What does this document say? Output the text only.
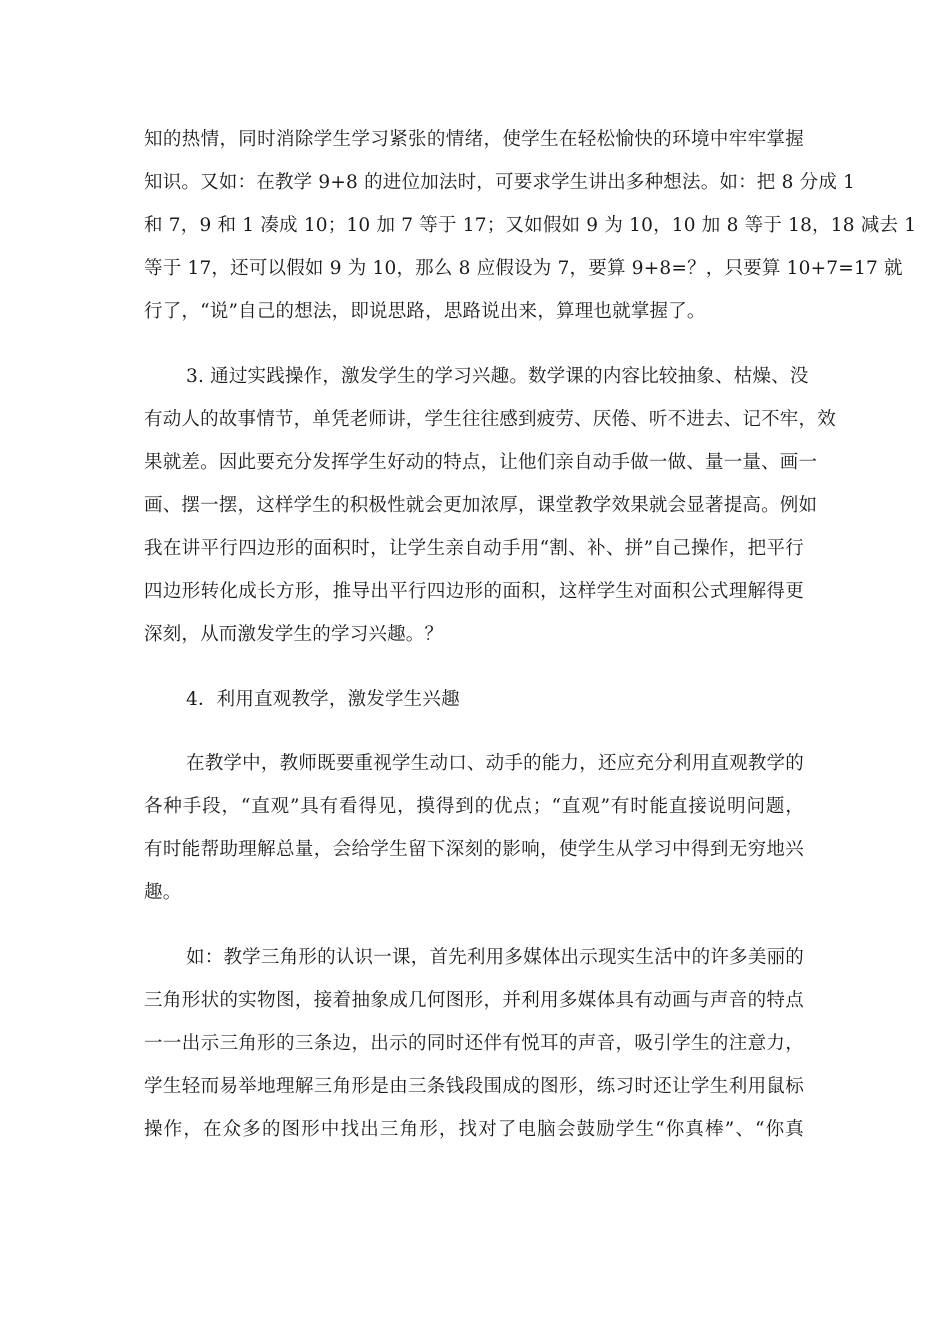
知的热情，同时消除学生学习紧张的情绪，使学生在轻松愉快的环境中牢牢掌握
知识。又如：在教学 9+8 的进位加法时，可要求学生讲出多种想法。如：把 8 分成 1
和 7，9 和 1 凑成 10；10 加 7 等于 17；又如假如 9 为 10，10 加 8 等于 18，18 减去 1
等于 17，还可以假如 9 为 10，那么 8 应假设为 7，要算 9+8=？，只要算 10+7=17 就
行了，“说”自己的想法，即说思路，思路说出来，算理也就掌握了。
3. 通过实践操作，激发学生的学习兴趣。数学课的内容比较抽象、枯燥、没
有动人的故事情节，单凭老师讲，学生往往感到疲劳、厌倦、听不进去、记不牢，效
果就差。因此要充分发挥学生好动的特点，让他们亲自动手做一做、量一量、画一
画、摆一摆，这样学生的积极性就会更加浓厚，课堂教学效果就会显著提高。例如
我在讲平行四边形的面积时，让学生亲自动手用“割、补、拼”自己操作，把平行
四边形转化成长方形，推导出平行四边形的面积，这样学生对面积公式理解得更
深刻，从而激发学生的学习兴趣。？
4．利用直观教学，激发学生兴趣
在教学中，教师既要重视学生动口、动手的能力，还应充分利用直观教学的
各种手段，“直观”具有看得见，摸得到的优点；“直观”有时能直接说明问题，
有时能帮助理解总量，会给学生留下深刻的影响，使学生从学习中得到无穷地兴
趣。
如：教学三角形的认识一课，首先利用多媒体出示现实生活中的许多美丽的
三角形状的实物图，接着抽象成几何图形，并利用多媒体具有动画与声音的特点
一一出示三角形的三条边，出示的同时还伴有悦耳的声音，吸引学生的注意力，
学生轻而易举地理解三角形是由三条钱段围成的图形，练习时还让学生利用鼠标
操作，在众多的图形中找出三角形，找对了电脑会鼓励学生“你真棒”、“你真
